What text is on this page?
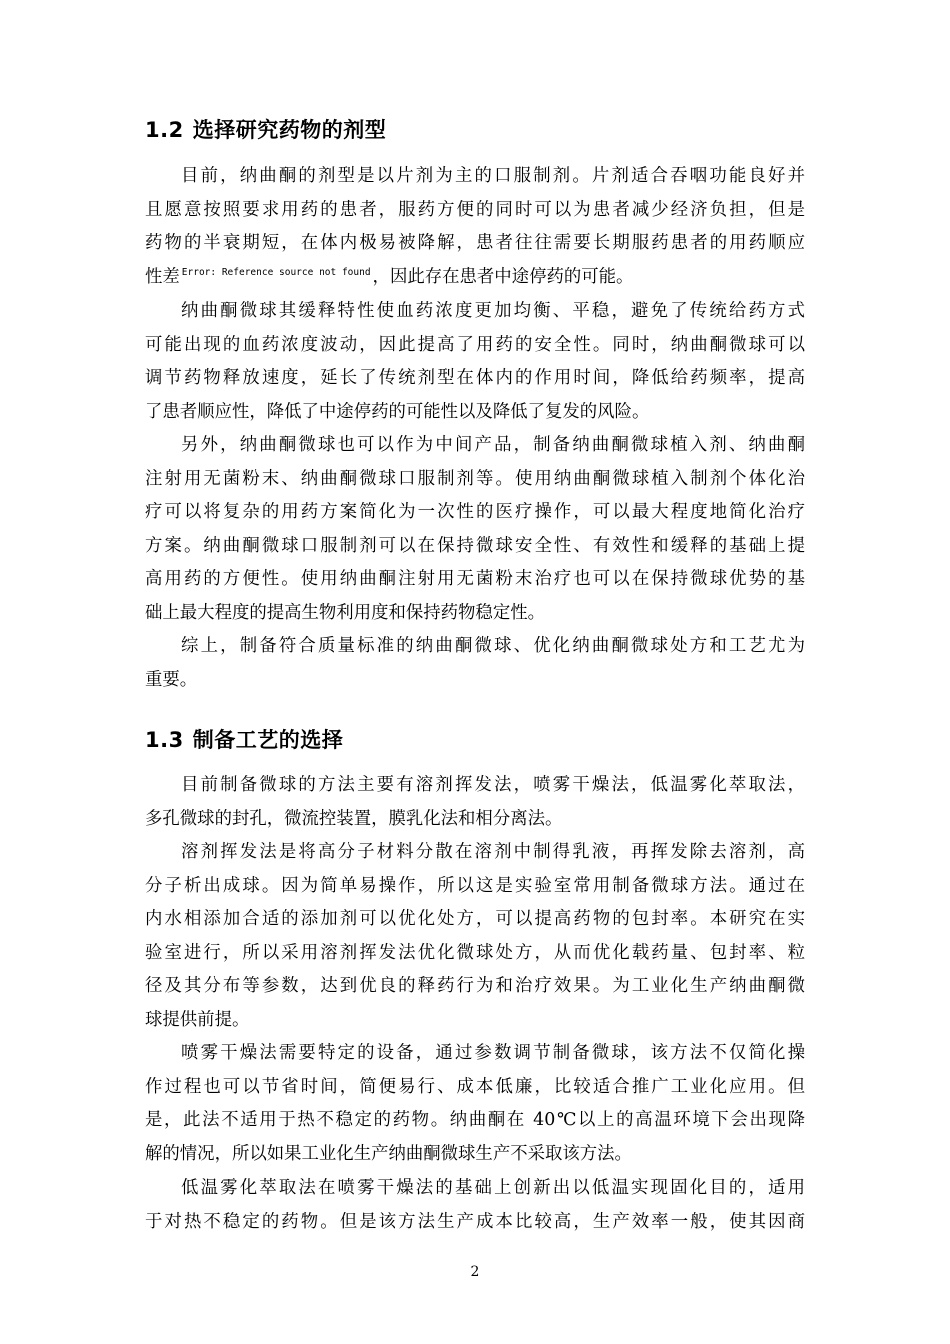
1.2 选择研究药物的剂型

目前，纳曲酮的剂型是以片剂为主的口服制剂。片剂适合吞咽功能良好并
且愿意按照要求用药的患者，服药方便的同时可以为患者减少经济负担，但是
药物的半衰期短，在体内极易被降解，患者往往需要长期服药患者的用药顺应
性差 $^{Error: Reference source not found}$ ，因此存在患者中途停药的可能。

纳曲酮微球其缓释特性使血药浓度更加均衡、平稳，避免了传统给药方式
可能出现的血药浓度波动，因此提高了用药的安全性。同时，纳曲酮微球可以
调节药物释放速度，延长了传统剂型在体内的作用时间，降低给药频率，提高
了患者顺应性，降低了中途停药的可能性以及降低了复发的风险。

另外，纳曲酮微球也可以作为中间产品，制备纳曲酮微球植入剂、纳曲酮
注射用无菌粉末、纳曲酮微球口服制剂等。使用纳曲酮微球植入制剂个体化治
疗可以将复杂的用药方案简化为一次性的医疗操作，可以最大程度地简化治疗
方案。纳曲酮微球口服制剂可以在保持微球安全性、有效性和缓释的基础上提
高用药的方便性。使用纳曲酮注射用无菌粉末治疗也可以在保持微球优势的基
础上最大程度的提高生物利用度和保持药物稳定性。

综上，制备符合质量标准的纳曲酮微球、优化纳曲酮微球处方和工艺尤为
重要。

1.3 制备工艺的选择

目前制备微球的方法主要有溶剂挥发法，喷雾干燥法，低温雾化萃取法，
多孔微球的封孔，微流控装置，膜乳化法和相分离法。

溶剂挥发法是将高分子材料分散在溶剂中制得乳液，再挥发除去溶剂，高
分子析出成球。因为简单易操作，所以这是实验室常用制备微球方法。通过在
内水相添加合适的添加剂可以优化处方，可以提高药物的包封率。本研究在实
验室进行，所以采用溶剂挥发法优化微球处方，从而优化载药量、包封率、粒
径及其分布等参数，达到优良的释药行为和治疗效果。为工业化生产纳曲酮微
球提供前提。

喷雾干燥法需要特定的设备，通过参数调节制备微球，该方法不仅简化操
作过程也可以节省时间，简便易行、成本低廉，比较适合推广工业化应用。但
是，此法不适用于热不稳定的药物。纳曲酮在 40℃以上的高温环境下会出现降
解的情况，所以如果工业化生产纳曲酮微球生产不采取该方法。

低温雾化萃取法在喷雾干燥法的基础上创新出以低温实现固化目的，适用
于对热不稳定的药物。但是该方法生产成本比较高，生产效率一般，使其因商

2
